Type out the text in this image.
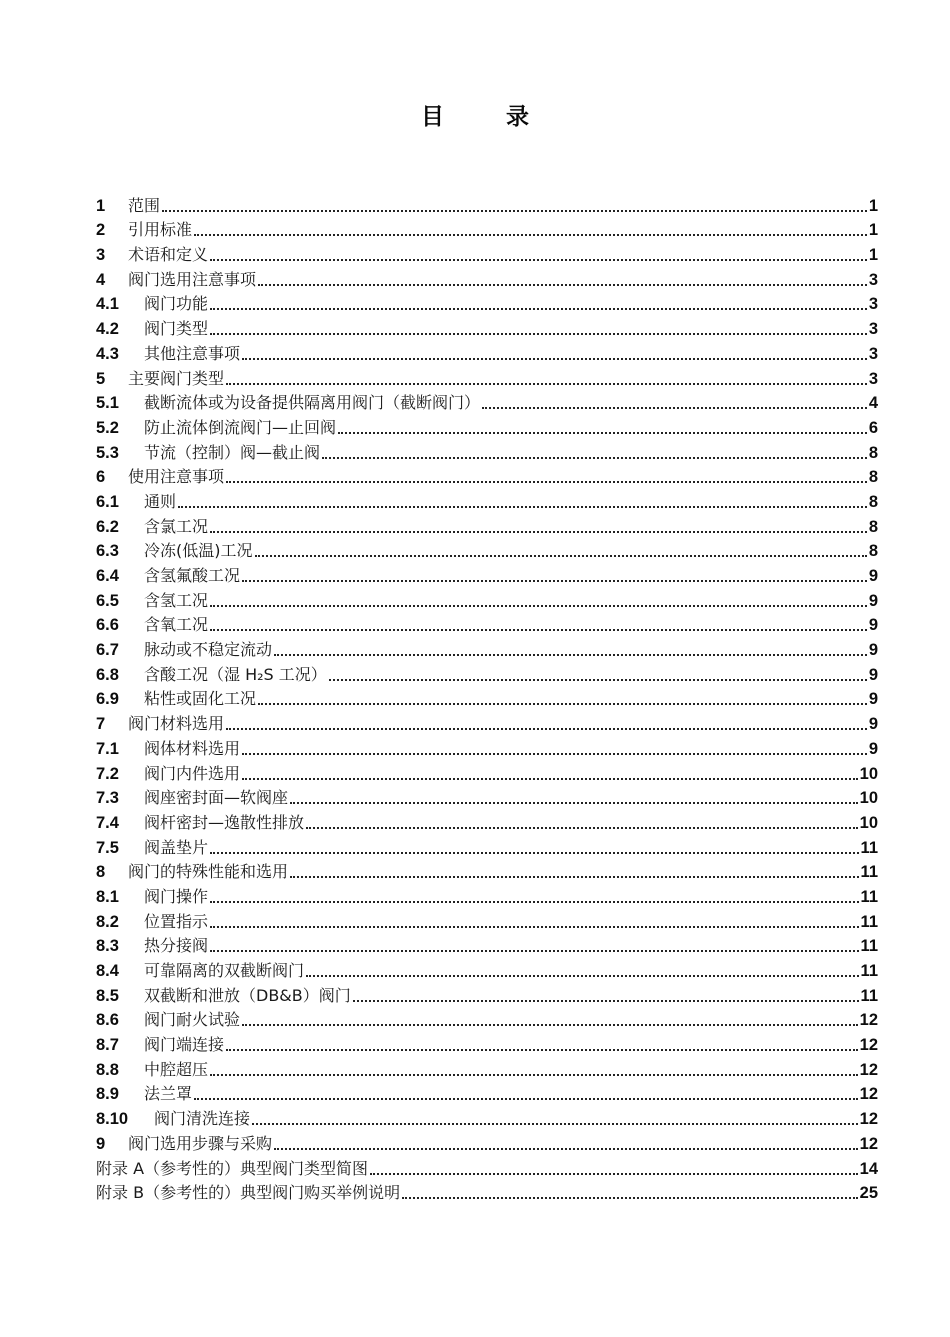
目	录
1	范围	1
2	引用标准	1
3	术语和定义	1
4	阀门选用注意事项	3
4.1	阀门功能	3
4.2	阀门类型	3
4.3	其他注意事项	3
5	主要阀门类型	3
5.1	截断流体或为设备提供隔离用阀门（截断阀门）	4
5.2	防止流体倒流阀门—止回阀	6
5.3	节流（控制）阀—截止阀	8
6	使用注意事项	8
6.1	通则	8
6.2	含氯工况	8
6.3	冷冻(低温)工况	8
6.4	含氢氟酸工况	9
6.5	含氢工况	9
6.6	含氧工况	9
6.7	脉动或不稳定流动	9
6.8	含酸工况（湿 H₂S 工况）	9
6.9	粘性或固化工况	9
7	阀门材料选用	9
7.1	阀体材料选用	9
7.2	阀门内件选用	10
7.3	阀座密封面—软阀座	10
7.4	阀杆密封—逸散性排放	10
7.5	阀盖垫片	11
8	阀门的特殊性能和选用	11
8.1	阀门操作	11
8.2	位置指示	11
8.3	热分接阀	11
8.4	可靠隔离的双截断阀门	11
8.5	双截断和泄放（DB&B）阀门	11
8.6	阀门耐火试验	12
8.7	阀门端连接	12
8.8	中腔超压	12
8.9	法兰罩	12
8.10	阀门清洗连接	12
9	阀门选用步骤与采购	12
附录 A（参考性的）典型阀门类型简图	14
附录 B（参考性的）典型阀门购买举例说明	25
